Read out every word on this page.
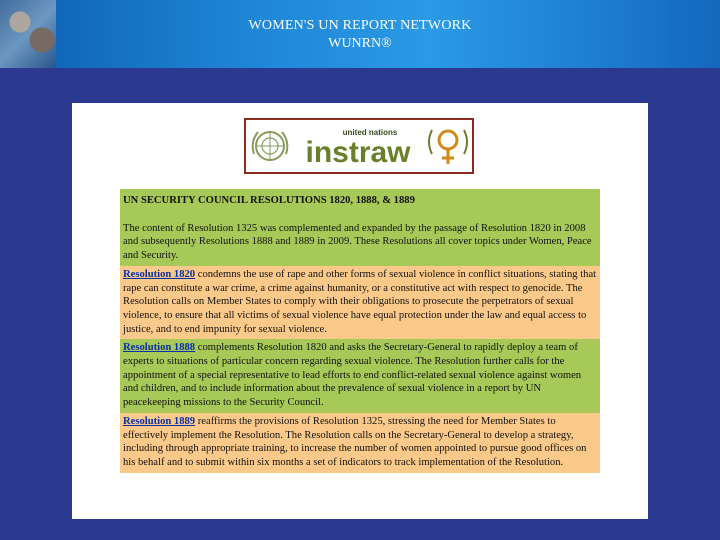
WOMEN'S UN REPORT NETWORK
WUNRN®
united nations
instraw
UN SECURITY COUNCIL RESOLUTIONS 1820, 1888, & 1889
The content of Resolution 1325 was complemented and expanded by the passage of Resolution 1820 in 2008 and subsequently Resolutions 1888 and 1889 in 2009. These Resolutions all cover topics under Women, Peace and Security.
Resolution 1820 condemns the use of rape and other forms of sexual violence in conflict situations, stating that rape can constitute a war crime, a crime against humanity, or a constitutive act with respect to genocide. The Resolution calls on Member States to comply with their obligations to prosecute the perpetrators of sexual violence, to ensure that all victims of sexual violence have equal protection under the law and equal access to justice, and to end impunity for sexual violence.
Resolution 1888 complements Resolution 1820 and asks the Secretary-General to rapidly deploy a team of experts to situations of particular concern regarding sexual violence. The Resolution further calls for the appointment of a special representative to lead efforts to end conflict-related sexual violence against women and children, and to include information about the prevalence of sexual violence in a report by UN peacekeeping missions to the Security Council.
Resolution 1889 reaffirms the provisions of Resolution 1325, stressing the need for Member States to effectively implement the Resolution. The Resolution calls on the Secretary-General to develop a strategy, including through appropriate training, to increase the number of women appointed to pursue good offices on his behalf and to submit within six months a set of indicators to track implementation of the Resolution.
